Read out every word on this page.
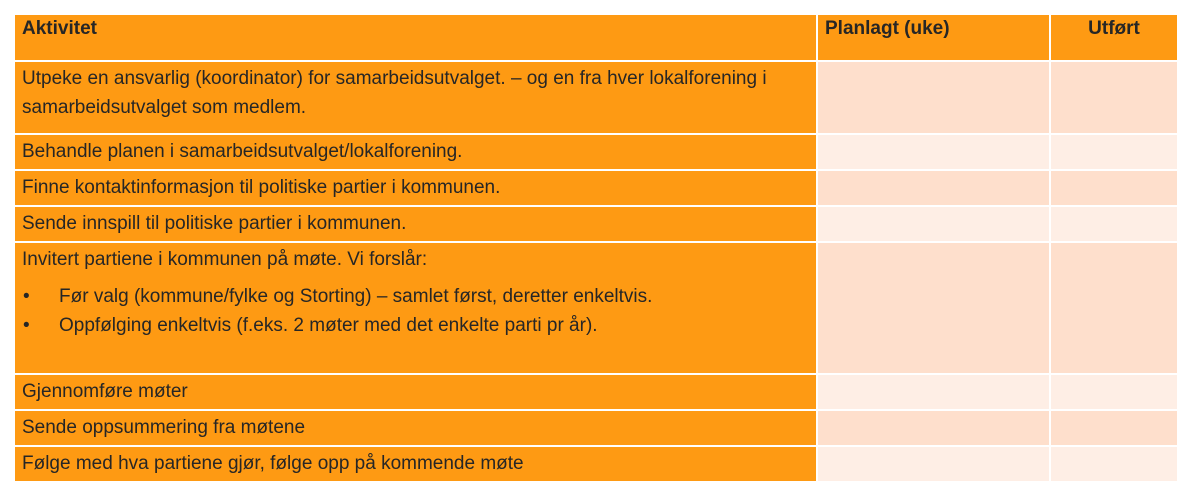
Aktivitet	Planlagt (uke)	Utført
Utpeke en ansvarlig (koordinator) for samarbeidsutvalget. – og en fra hver lokalforening i samarbeidsutvalget som medlem.
Behandle planen i samarbeidsutvalget/lokalforening.
Finne kontaktinformasjon til politiske partier i kommunen.
Sende innspill til politiske partier i kommunen.
Invitert partiene i kommunen på møte. Vi forslår:
• Før valg (kommune/fylke og Storting) – samlet først, deretter enkeltvis.
• Oppfølging enkeltvis (f.eks. 2 møter med det enkelte parti pr år).
Gjennomføre møter
Sende oppsummering fra møtene
Følge med hva partiene gjør, følge opp på kommende møte
